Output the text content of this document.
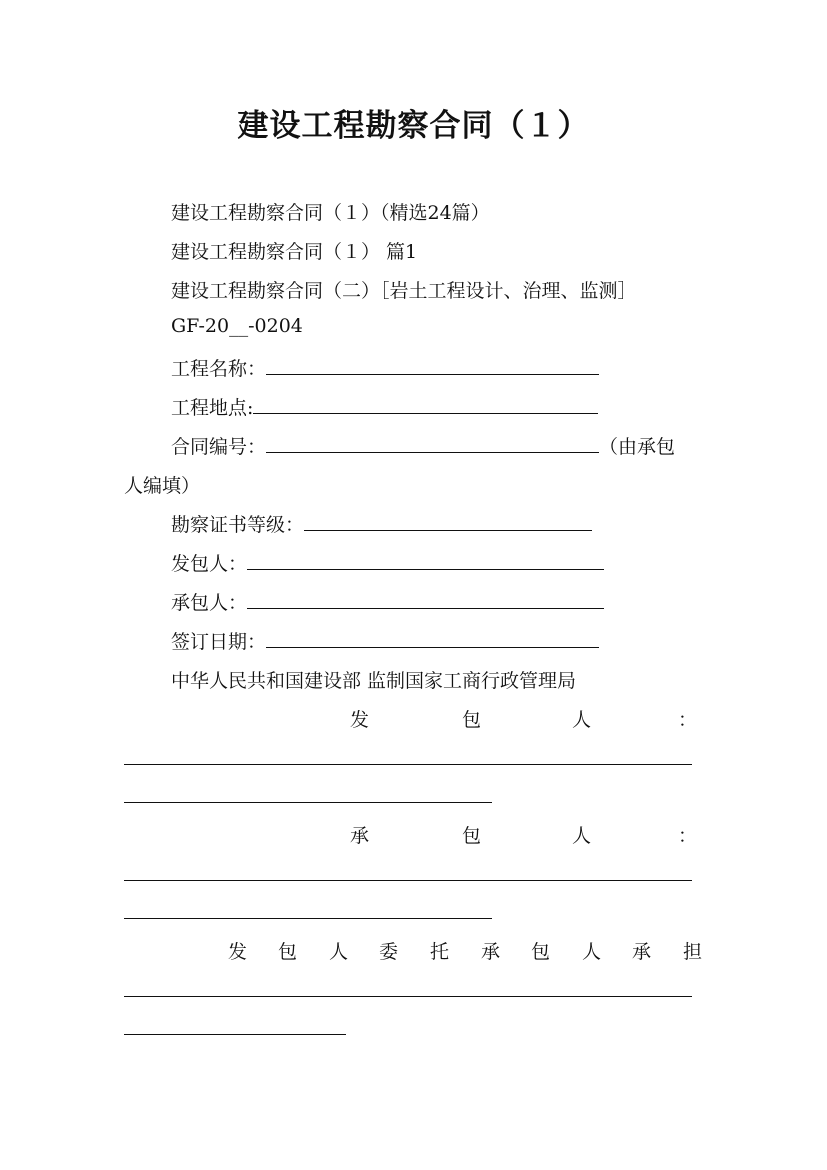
建设工程勘察合同（１）
建设工程勘察合同（１）（精选24篇）
建设工程勘察合同（１） 篇1
建设工程勘察合同（二）［岩土工程设计、治理、监测］
GF-20__-0204
工程名称：
工程地点:
合同编号：	（由承包
人编填）
勘察证书等级：
发包人：
承包人：
签订日期：
中华人民共和国建设部 监制国家工商行政管理局
发	包	人	：
承	包	人	：
发 包 人 委 托 承 包 人 承 担
